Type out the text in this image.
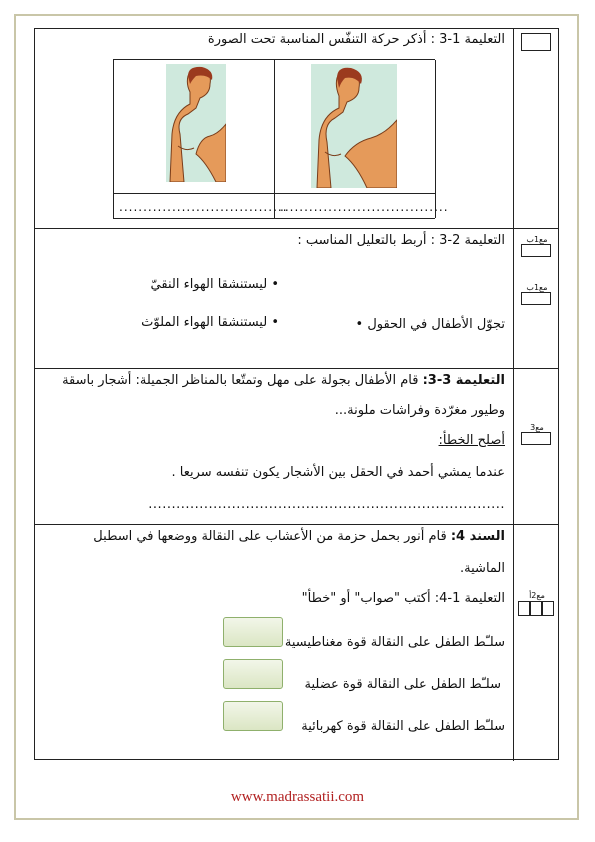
التعليمة 1-3 : أذكر حركة التنفّس المناسبة تحت الصورة
...................................
...................................
التعليمة 2-3 : أربط بالتعليل المناسب :
• ليستنشقا الهواء النقيّ
تجوّل الأطفال في الحقول •
• ليستنشقا الهواء الملوّث
مع1ب
مع1ب
التعليمة 3-3: قام الأطفال بجولة على مهل وتمتّعا بالمناظر الجميلة: أشجار باسقة
وطيور مغرّدة وفراشات ملونة...
أصلح الخطأ:
عندما يمشي أحمد في الحقل بين الأشجار يكون تنفسه سريعا .
.............................................................................
مع3
السند 4: قام أنور بحمل حزمة من الأعشاب على النقالة ووضعها في اسطبل
الماشية.
التعليمة 1-4: أكتب "صواب" أو "خطأ"
سلـّط الطفل على النقالة قوة مغناطيسية
سلـّط الطفل على النقالة قوة عضلية
سلـّط الطفل على النقالة قوة كهربائية
مع2أ
www.madrassatii.com
